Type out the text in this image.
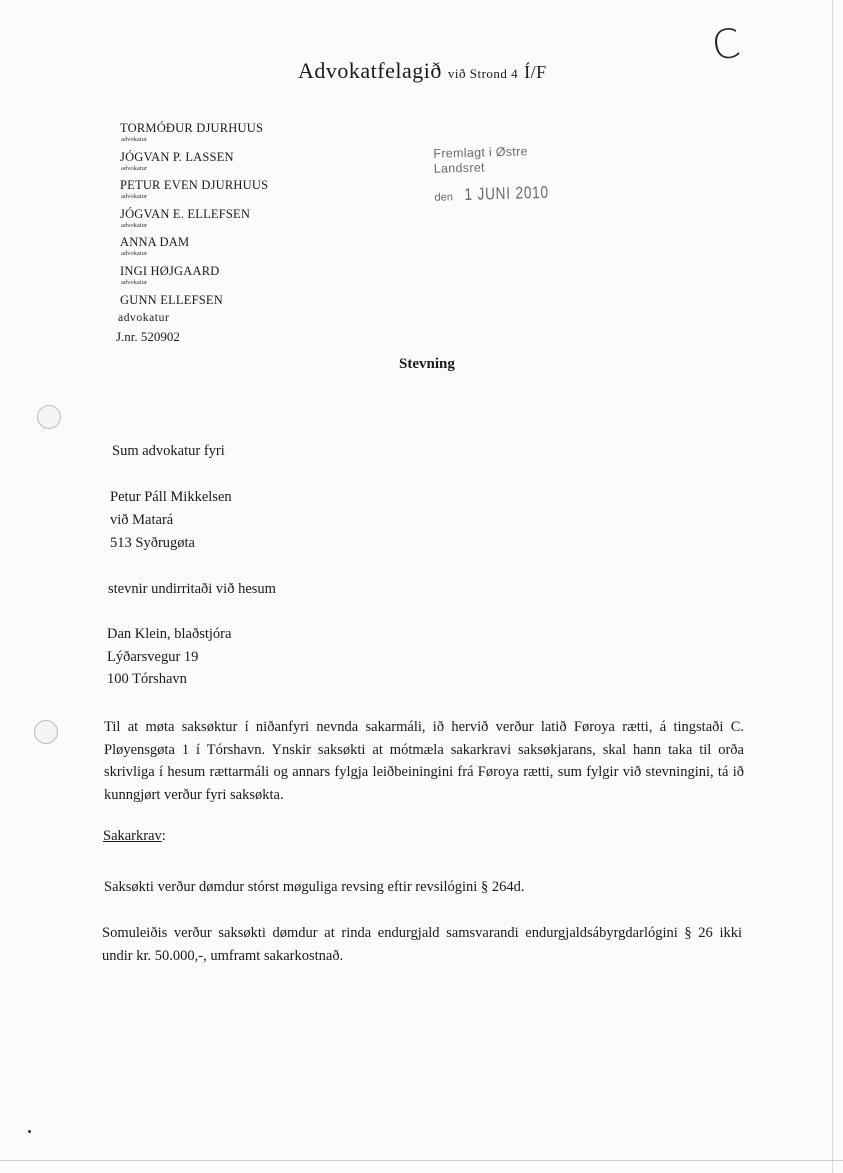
C
Advokatfelagið við Strond 4 Í/F
TORMÓÐUR DJURHUUS
advokatur
JÓGVAN P. LASSEN
advokatur
PETUR EVEN DJURHUUS
advokatur
JÓGVAN E. ELLEFSEN
advokatur
ANNA DAM
advokatur
INGI HØJGAARD
advokatur
GUNN ELLEFSEN
advokatur
J.nr. 520902
Fremlagt i Østre
Landsret
den 1 JUNI 2010
Stevning
Sum advokatur fyri
Petur Páll Mikkelsen
við Matará
513 Syðrugøta
stevnir undirritaði við hesum
Dan Klein, blaðstjóra
Lýðarsvegur 19
100 Tórshavn
Til at møta saksøktur í niðanfyri nevnda sakarmáli, ið hervið verður latið Føroya rætti, á tingstaði C. Pløyensgøta 1 í Tórshavn. Ynskir saksøkti at mótmæla sakarkravi saksøkjarans, skal hann taka til orða skrivliga í hesum rættarmáli og annars fylgja leiðbeiningini frá Føroya rætti, sum fylgir við stevningini, tá ið kunngjørt verður fyri saksøkta.
Sakarkrav:
Saksøkti verður dømdur stórst møguliga revsing eftir revsilógini § 264d.
Somuleiðis verður saksøkti dømdur at rinda endurgjald samsvarandi endurgjaldsábyrgdarlógini § 26 ikki undir kr. 50.000,-, umframt sakarkostnað.
